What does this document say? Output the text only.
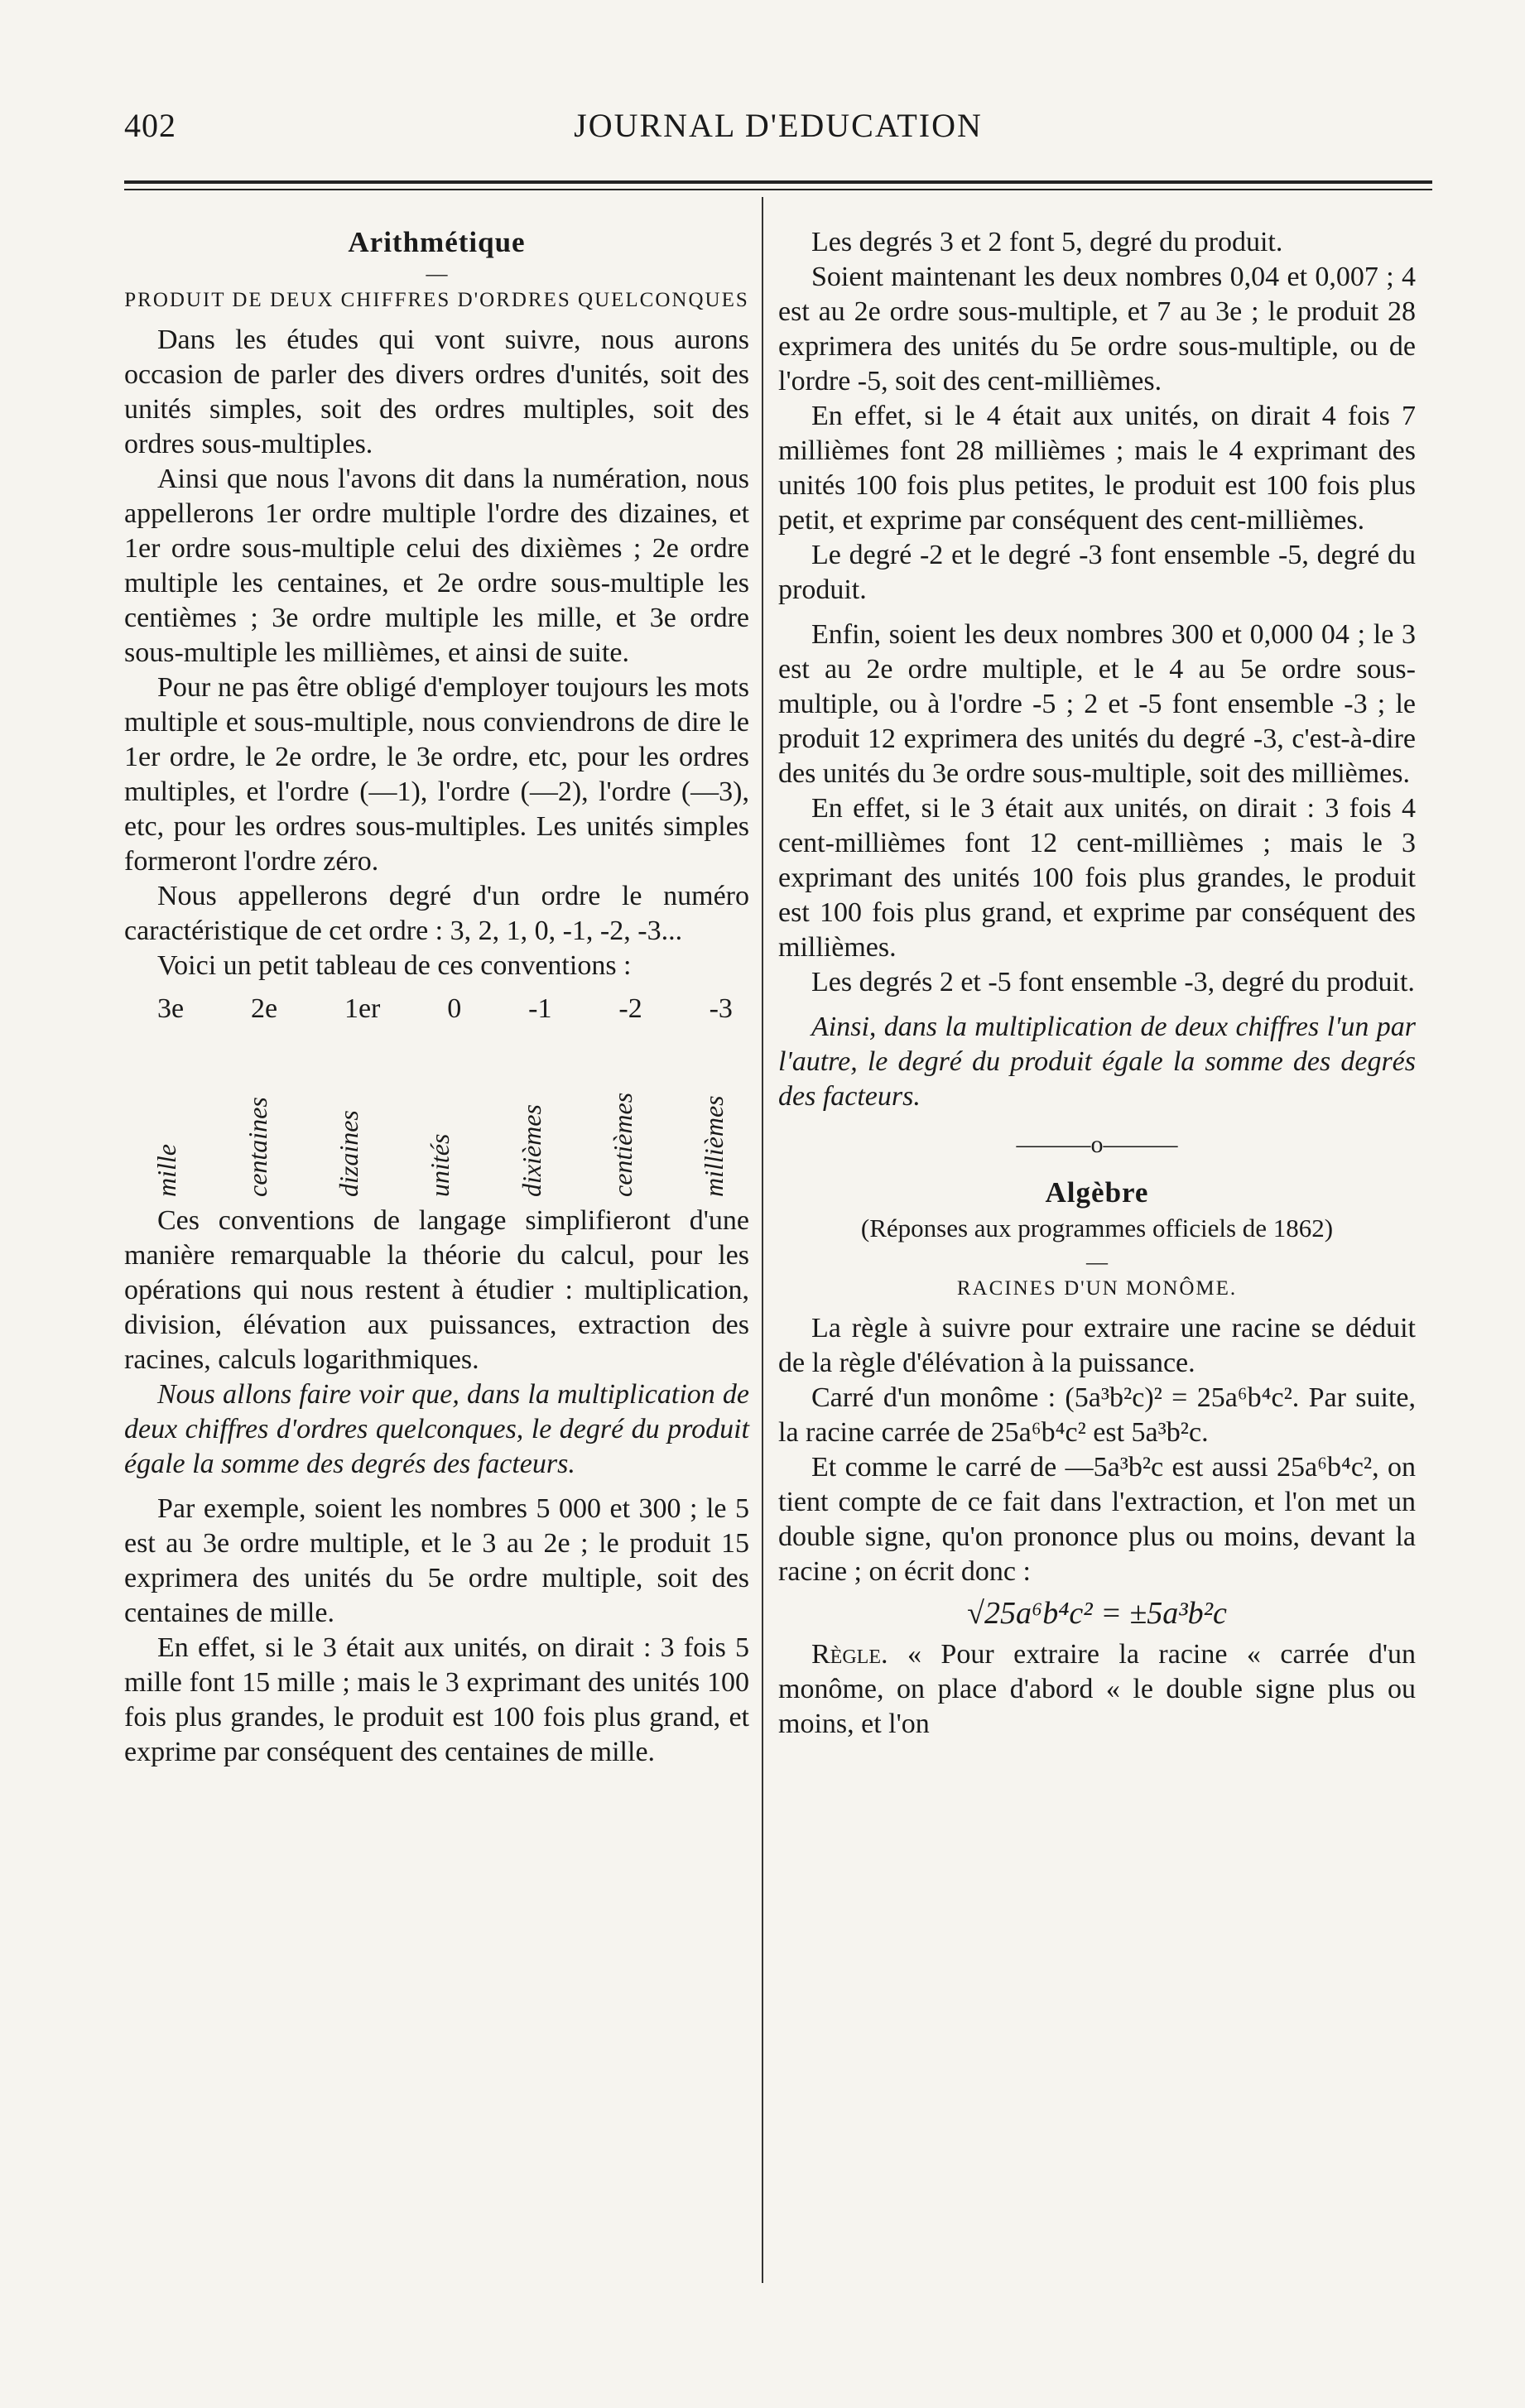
402	JOURNAL D'EDUCATION
Arithmétique
—
PRODUIT DE DEUX CHIFFRES D'ORDRES QUELCONQUES

Dans les études qui vont suivre, nous aurons occasion de parler des divers ordres d'unités, soit des unités simples, soit des ordres multiples, soit des ordres sous-multiples.

Ainsi que nous l'avons dit dans la numération, nous appellerons 1er ordre multiple l'ordre des dizaines, et 1er ordre sous-multiple celui des dixièmes ; 2e ordre multiple les centaines, et 2e ordre sous-multiple les centièmes ; 3e ordre multiple les mille, et 3e ordre sous-multiple les millièmes, et ainsi de suite.

Pour ne pas être obligé d'employer toujours les mots multiple et sous-multiple, nous conviendrons de dire le 1er ordre, le 2e ordre, le 3e ordre, etc, pour les ordres multiples, et l'ordre (—1), l'ordre (—2), l'ordre (—3), etc, pour les ordres sous-multiples. Les unités simples formeront l'ordre zéro.

Nous appellerons degré d'un ordre le numéro caractéristique de cet ordre : 3, 2, 1, 0, -1, -2, -3...

Voici un petit tableau de ces conventions :

3e 2e 1er 0 -1 -2 -3
mille centaines dizaines unités dixièmes centièmes millièmes

Ces conventions de langage simplifieront d'une manière remarquable la théorie du calcul, pour les opérations qui nous restent à étudier : multiplication, division, élévation aux puissances, extraction des racines, calculs logarithmiques.

Nous allons faire voir que, dans la multiplication de deux chiffres d'ordres quelconques, le degré du produit égale la somme des degrés des facteurs.

Par exemple, soient les nombres 5 000 et 300 ; le 5 est au 3e ordre multiple, et le 3 au 2e ; le produit 15 exprimera des unités du 5e ordre multiple, soit des centaines de mille.

En effet, si le 3 était aux unités, on dirait : 3 fois 5 mille font 15 mille ; mais le 3 exprimant des unités 100 fois plus grandes, le produit est 100 fois plus grand, et exprime par conséquent des centaines de mille.

Les degrés 3 et 2 font 5, degré du produit.

Soient maintenant les deux nombres 0,04 et 0,007 ; 4 est au 2e ordre sous-multiple, et 7 au 3e ; le produit 28 exprimera des unités du 5e ordre sous-multiple, ou de l'ordre -5, soit des cent-millièmes.

En effet, si le 4 était aux unités, on dirait 4 fois 7 millièmes font 28 millièmes ; mais le 4 exprimant des unités 100 fois plus petites, le produit est 100 fois plus petit, et exprime par conséquent des cent-millièmes.

Le degré -2 et le degré -3 font ensemble -5, degré du produit.

Enfin, soient les deux nombres 300 et 0,000 04 ; le 3 est au 2e ordre multiple, et le 4 au 5e ordre sous-multiple, ou à l'ordre -5 ; 2 et -5 font ensemble -3 ; le produit 12 exprimera des unités du degré -3, c'est-à-dire des unités du 3e ordre sous-multiple, soit des millièmes.

En effet, si le 3 était aux unités, on dirait : 3 fois 4 cent-millièmes font 12 cent-millièmes ; mais le 3 exprimant des unités 100 fois plus grandes, le produit est 100 fois plus grand, et exprime par conséquent des millièmes.

Les degrés 2 et -5 font ensemble -3, degré du produit.

Ainsi, dans la multiplication de deux chiffres l'un par l'autre, le degré du produit égale la somme des degrés des facteurs.

———o———
Algèbre
(Réponses aux programmes officiels de 1862)
—
RACINES D'UN MONÔME.

La règle à suivre pour extraire une racine se déduit de la règle d'élévation à la puissance.

Carré d'un monôme : (5a³b²c)² = 25a⁶b⁴c². Par suite, la racine carrée de 25a⁶b⁴c² est 5a³b²c.

Et comme le carré de —5a³b²c est aussi 25a⁶b⁴c², on tient compte de ce fait dans l'extraction, et l'on met un double signe, qu'on prononce plus ou moins, devant la racine ; on écrit donc :

√25a⁶b⁴c² = ±5a³b²c

Règle. « Pour extraire la racine « carrée d'un monôme, on place d'abord « le double signe plus ou moins, et l'on
